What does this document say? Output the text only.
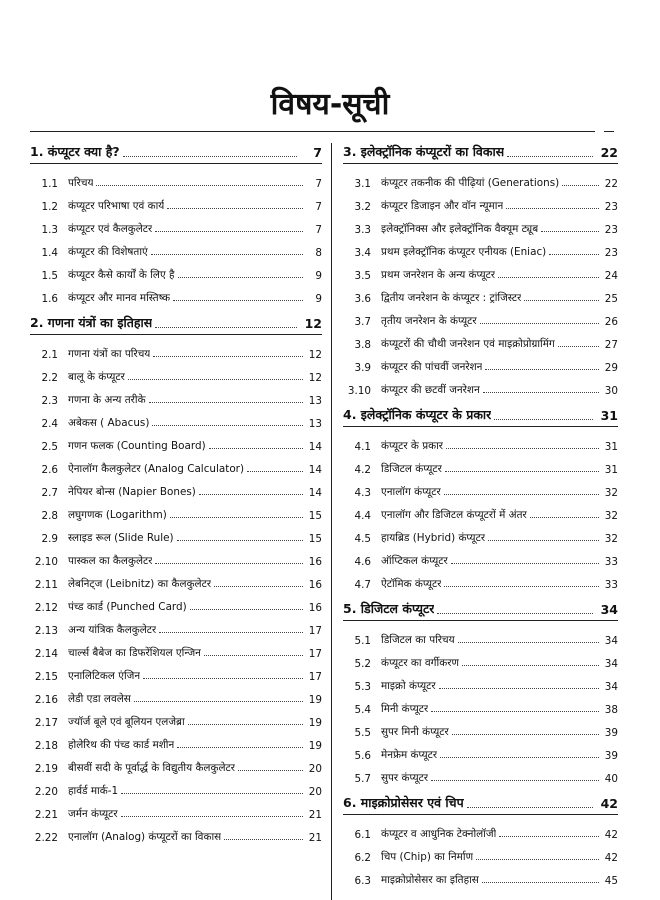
विषय-सूची
1. कंप्यूटर क्या है?	7
1.1 परिचय	7
1.2 कंप्यूटर परिभाषा एवं कार्य	7
1.3 कंप्यूटर एवं कैलकुलेटर	7
1.4 कंप्यूटर की विशेषताएं	8
1.5 कंप्यूटर कैसे कार्यों के लिए है	9
1.6 कंप्यूटर और मानव मस्तिष्क	9
2. गणना यंत्रों का इतिहास	12
2.1 गणना यंत्रों का परिचय	12
2.2 बालू के कंप्यूटर	12
2.3 गणना के अन्य तरीके	13
2.4 अबेकस ( Abacus)	13
2.5 गणन फलक (Counting Board)	14
2.6 ऐनालॉग कैलकुलेटर (Analog Calculator)	14
2.7 नेपियर बोन्स (Napier Bones)	14
2.8 लघुगणक (Logarithm)	15
2.9 स्लाइड रूल (Slide Rule)	15
2.10 पास्कल का कैलकुलेटर	16
2.11 लेबनिट्ज (Leibnitz) का कैलकुलेटर	16
2.12 पंच्ड कार्ड (Punched Card)	16
2.13 अन्य यांत्रिक कैलकुलेटर	17
2.14 चार्ल्स बैबेज का डिफरेंशियल एन्जिन	17
2.15 एनालिटिकल एंजिन	17
2.16 लेडी एडा लवलेस	19
2.17 ज्यॉर्ज बूले एवं बूलियन एलजेब्रा	19
2.18 होलेरिथ की पंच्ड कार्ड मशीन	19
2.19 बीसवीं सदी के पूर्वार्द्ध के विद्युतीय कैलकुलेटर	20
2.20 हार्वर्ड मार्क-1	20
2.21 जर्मन कंप्यूटर	21
2.22 एनालॉग (Analog) कंप्यूटरों का विकास	21
3. इलेक्ट्रॉनिक कंप्यूटरों का विकास	22
3.1 कंप्यूटर तकनीक की पीढ़ियां (Generations)	22
3.2 कंप्यूटर डिजाइन और वॉन न्यूमान	23
3.3 इलेक्ट्रॉनिक्स और इलेक्ट्रॉनिक वैक्यूम ट्यूब	23
3.4 प्रथम इलेक्ट्रॉनिक कंप्यूटर एनीयक (Eniac)	23
3.5 प्रथम जनरेशन के अन्य कंप्यूटर	24
3.6 द्वितीय जनरेशन के कंप्यूटर : ट्रांजिस्टर	25
3.7 तृतीय जनरेशन के कंप्यूटर	26
3.8 कंप्यूटरों की चौथी जनरेशन एवं माइक्रोप्रोग्रामिंग	27
3.9 कंप्यूटर की पांचवीं जनरेशन	29
3.10 कंप्यूटर की छटवीं जनरेशन	30
4. इलेक्ट्रॉनिक कंप्यूटर के प्रकार	31
4.1 कंप्यूटर के प्रकार	31
4.2 डिजिटल कंप्यूटर	31
4.3 एनालॉग कंप्यूटर	32
4.4 एनालॉग और डिजिटल कंप्यूटरों में अंतर	32
4.5 हायब्रिड (Hybrid) कंप्यूटर	32
4.6 ऑप्टिकल कंप्यूटर	33
4.7 ऐटॉमिक कंप्यूटर	33
5. डिजिटल कंप्यूटर	34
5.1 डिजिटल का परिचय	34
5.2 कंप्यूटर का वर्गीकरण	34
5.3 माइक्रो कंप्यूटर	34
5.4 मिनी कंप्यूटर	38
5.5 सुपर मिनी कंप्यूटर	39
5.6 मेनफ्रेम कंप्यूटर	39
5.7 सुपर कंप्यूटर	40
6. माइक्रोप्रोसेसर एवं चिप	42
6.1 कंप्यूटर व आधुनिक टेक्नोलॉजी	42
6.2 चिप (Chip) का निर्माण	42
6.3 माइक्रोप्रोसेसर का इतिहास	45
